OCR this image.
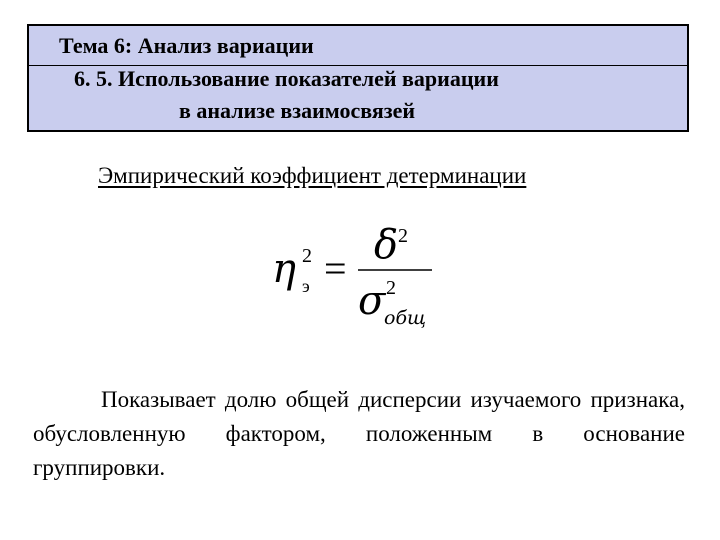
Тема 6: Анализ вариации
6. 5. Использование показателей вариации
в анализе взаимосвязей
Эмпирический коэффициент детерминации
η 2
э =
δ 2
σ 2
общ
Показывает долю общей дисперсии изучаемого признака, обусловленную фактором, положенным в основание группировки.
